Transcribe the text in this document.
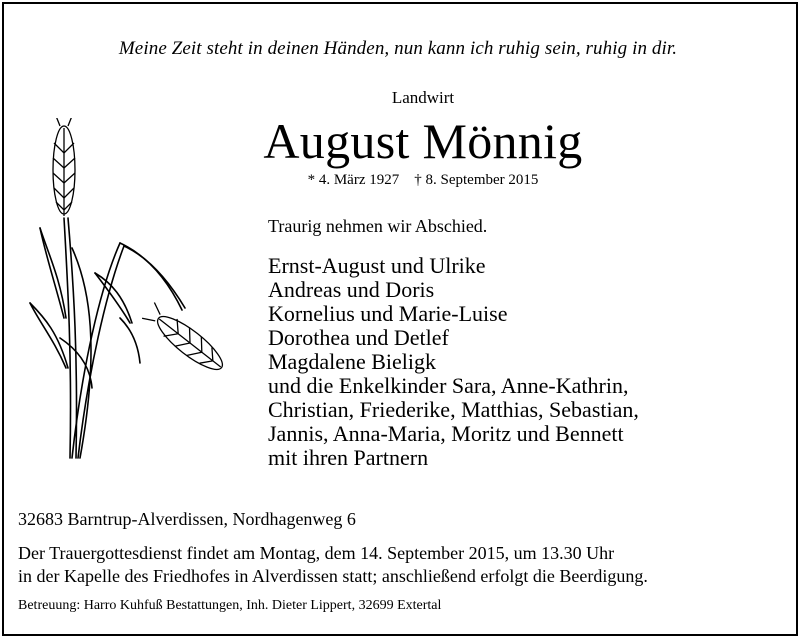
Meine Zeit steht in deinen Händen, nun kann ich ruhig sein, ruhig in dir.
Landwirt
August Mönnig
* 4. März 1927 † 8. September 2015
Traurig nehmen wir Abschied.
Ernst-August und Ulrike
Andreas und Doris
Kornelius und Marie-Luise
Dorothea und Detlef
Magdalene Bieligk
und die Enkelkinder Sara, Anne-Kathrin,
Christian, Friederike, Matthias, Sebastian,
Jannis, Anna-Maria, Moritz und Bennett
mit ihren Partnern
32683 Barntrup-Alverdissen, Nordhagenweg 6
Der Trauergottesdienst findet am Montag, dem 14. September 2015, um 13.30 Uhr
in der Kapelle des Friedhofes in Alverdissen statt; anschließend erfolgt die Beerdigung.
Betreuung: Harro Kuhfuß Bestattungen, Inh. Dieter Lippert, 32699 Extertal
